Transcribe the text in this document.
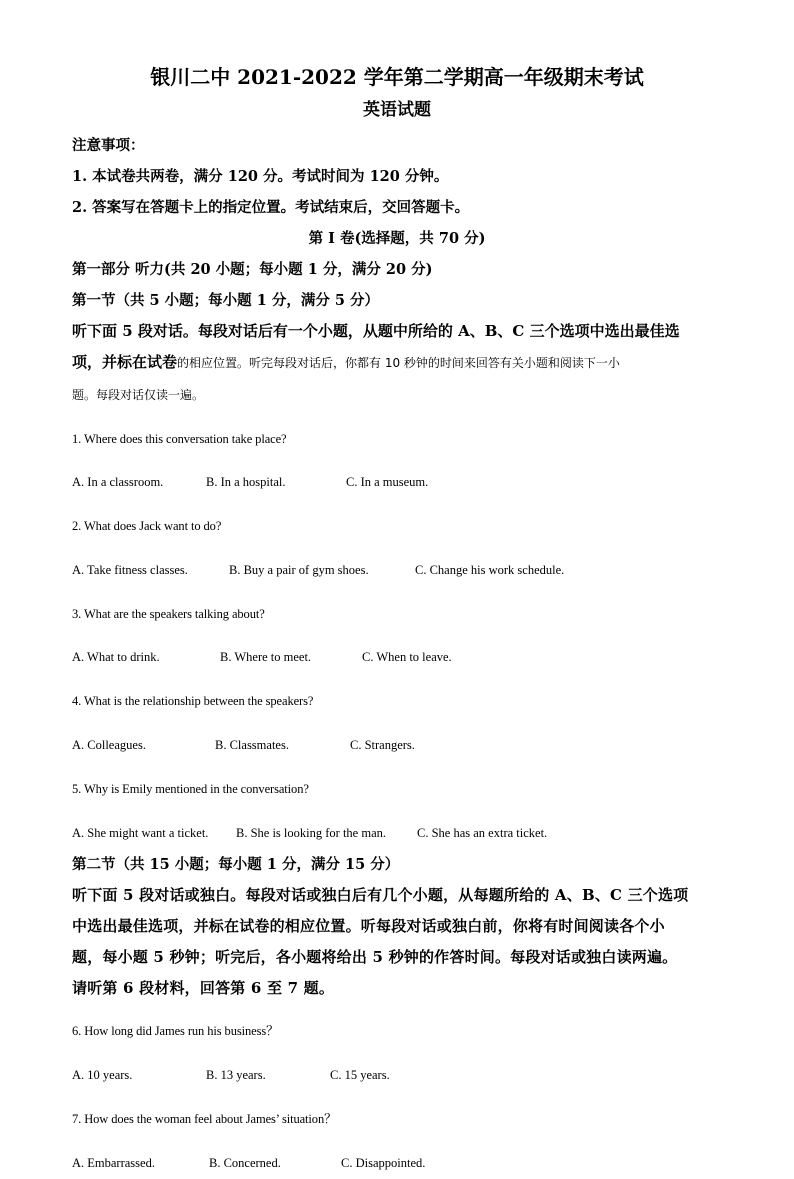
银川二中 2021-2022 学年第二学期高一年级期末考试

英语试题

注意事项：

1. 本试卷共两卷，满分 120 分。考试时间为 120 分钟。

2. 答案写在答题卡上的指定位置。考试结束后，交回答题卡。

第 I 卷(选择题，共 70 分)

第一部分 听力(共 20 小题；每小题 1 分，满分 20 分)

第一节（共 5 小题；每小题 1 分，满分 5 分）

听下面 5 段对话。每段对话后有一个小题，从题中所给的 A、B、C 三个选项中选出最佳选

项，并标在试卷的相应位置。听完每段对话后，你都有 10 秒钟的时间来回答有关小题和阅读下一小

题。每段对话仅读一遍。

1. Where does this conversation take place?

A. In a classroom.	B. In a hospital.	C. In a museum.

2. What does Jack want to do?

A. Take fitness classes.	B. Buy a pair of gym shoes.	C. Change his work schedule.

3. What are the speakers talking about?

A. What to drink.	B. Where to meet.	C. When to leave.

4. What is the relationship between the speakers?

A. Colleagues.	B. Classmates.	C. Strangers.

5. Why is Emily mentioned in the conversation?

A. She might want a ticket.	B. She is looking for the man.	C. She has an extra ticket.

第二节（共 15 小题；每小题 1 分，满分 15 分）

听下面 5 段对话或独白。每段对话或独白后有几个小题，从每题所给的 A、B、C 三个选项

中选出最佳选项，并标在试卷的相应位置。听每段对话或独白前，你将有时间阅读各个小

题，每小题 5 秒钟；听完后，各小题将给出 5 秒钟的作答时间。每段对话或独白读两遍。

请听第 6 段材料，回答第 6 至 7 题。

6. How long did James run his business？

A. 10 years.	B. 13 years.	C. 15 years.

7. How does the woman feel about James’ situation？

A. Embarrassed.	B. Concerned.	C. Disappointed.
